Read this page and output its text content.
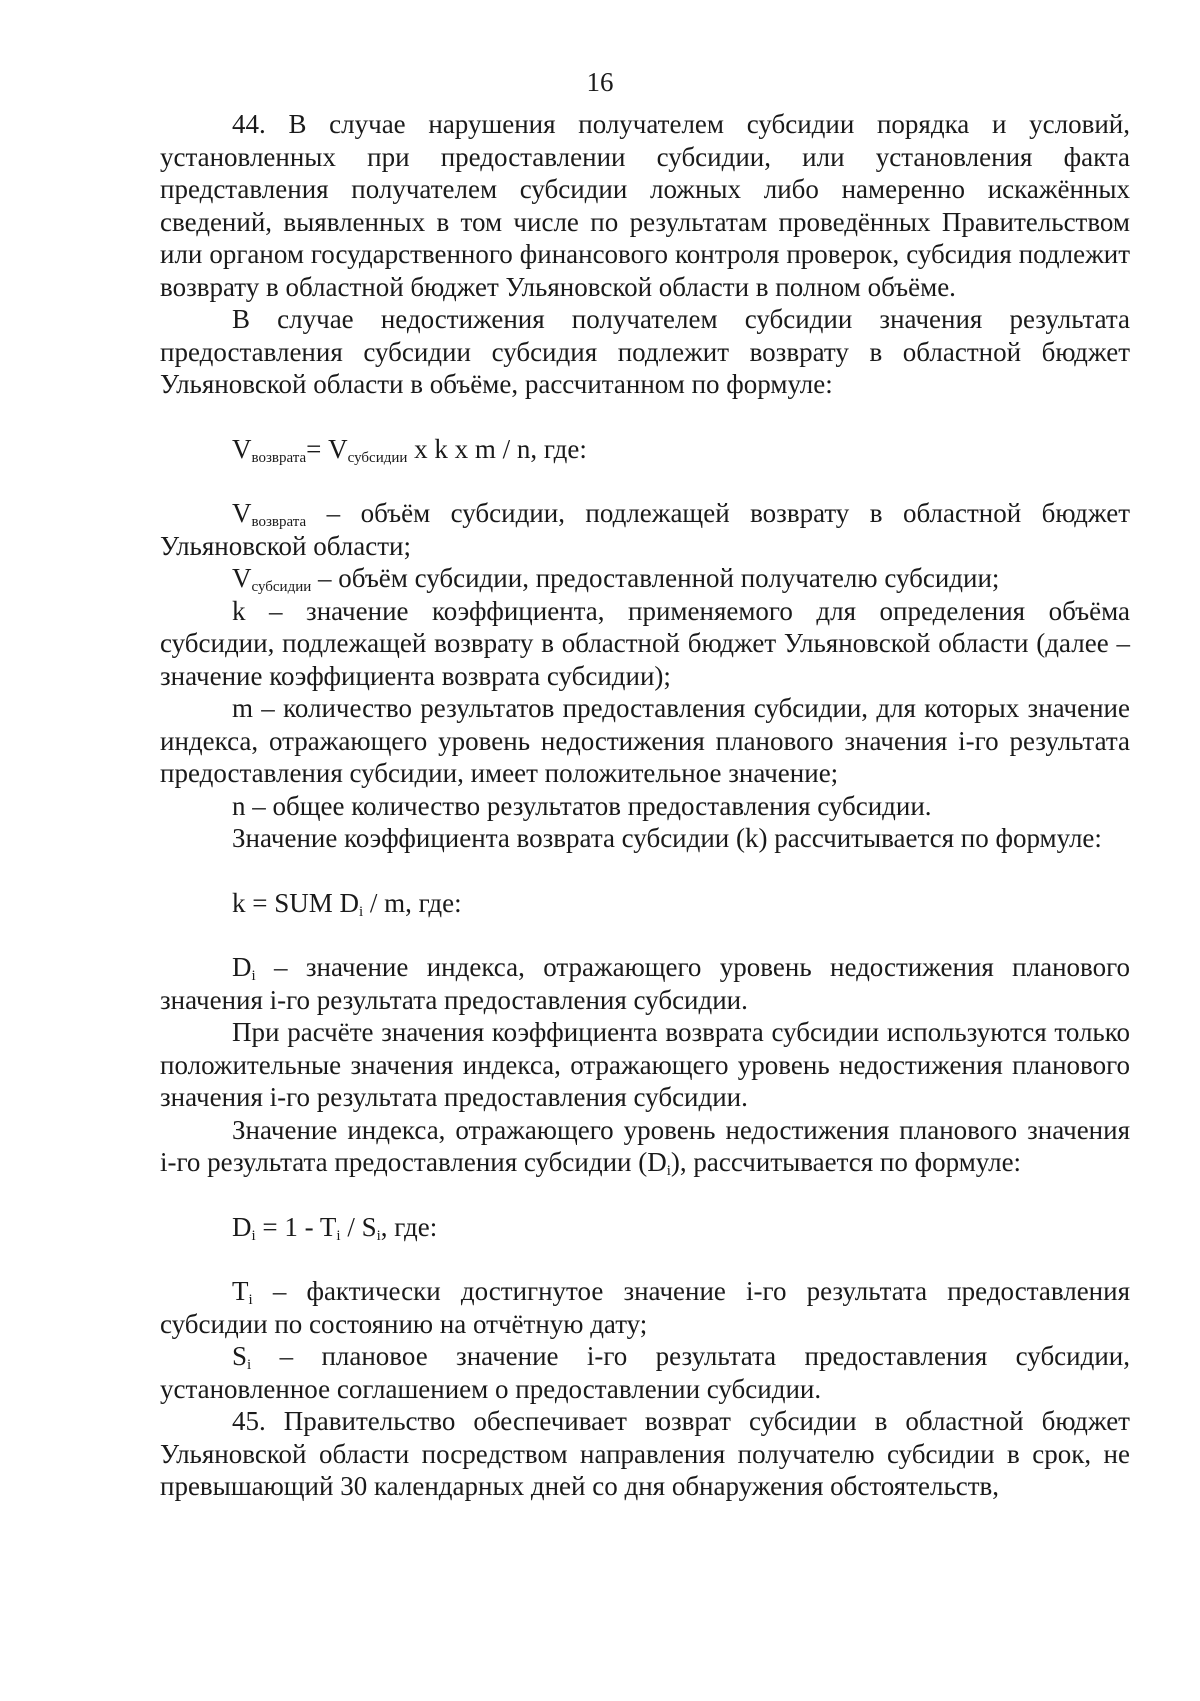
16

44. В случае нарушения получателем субсидии порядка и условий, установленных при предоставлении субсидии, или установления факта представления получателем субсидии ложных либо намеренно искажённых сведений, выявленных в том числе по результатам проведённых Правительством или органом государственного финансового контроля проверок, субсидия подлежит возврату в областной бюджет Ульяновской области в полном объёме.

В случае недостижения получателем субсидии значения результата предоставления субсидии субсидия подлежит возврату в областной бюджет Ульяновской области в объёме, рассчитанном по формуле:

$V_{возврата}= V_{субсидии}$ x k x m / n, где:

$V_{возврата}$ – объём субсидии, подлежащей возврату в областной бюджет Ульяновской области;

$V_{субсидии}$ – объём субсидии, предоставленной получателю субсидии;

k – значение коэффициента, применяемого для определения объёма субсидии, подлежащей возврату в областной бюджет Ульяновской области (далее – значение коэффициента возврата субсидии);

m – количество результатов предоставления субсидии, для которых значение индекса, отражающего уровень недостижения планового значения i-го результата предоставления субсидии, имеет положительное значение;

n – общее количество результатов предоставления субсидии.

Значение коэффициента возврата субсидии (k) рассчитывается по формуле:

k = SUM $D_i$ / m, где:

$D_i$ – значение индекса, отражающего уровень недостижения планового значения i-го результата предоставления субсидии.

При расчёте значения коэффициента возврата субсидии используются только положительные значения индекса, отражающего уровень недостижения планового значения i-го результата предоставления субсидии.

Значение индекса, отражающего уровень недостижения планового значения i-го результата предоставления субсидии $(D_i)$, рассчитывается по формуле:

$D_i = 1 - T_i / S_i$, где:

$T_i$ – фактически достигнутое значение i-го результата предоставления субсидии по состоянию на отчётную дату;

$S_i$ – плановое значение i-го результата предоставления субсидии, установленное соглашением о предоставлении субсидии.

45. Правительство обеспечивает возврат субсидии в областной бюджет Ульяновской области посредством направления получателю субсидии в срок, не превышающий 30 календарных дней со дня обнаружения обстоятельств,
